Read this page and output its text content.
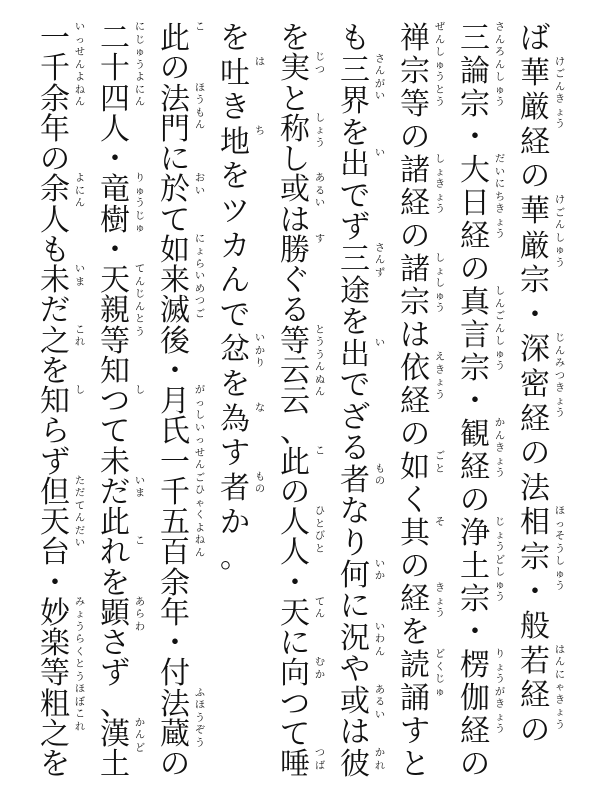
ば
華
厳
経
の
華
厳
宗
・
深
密
経
の
法
相
宗
・
般
若
経
の
け
ご
ん
き
ょ
う
け
ご
ん
し
ゅ
う
じ
ん
み
つ
き
ょ
う
ほ
っ
そ
う
し
ゅ
う
は
ん
に
ゃ
き
ょ
う
三
論
宗
・
大
日
経
の
真
言
宗
・
観
経
の
浄
土
宗
・
楞
伽
経
の
さ
ん
ろ
ん
し
ゅ
う
だ
い
に
ち
き
ょ
う
し
ん
ご
ん
し
ゅ
う
か
ん
き
ょ
う
じ
ょ
う
ど
し
ゅ
う
り
ょ
う
が
き
ょ
う
禅
宗
等
の
諸
経
の
諸
宗
は
依
経
の
如
く
其
の
経
を
読
誦
す
と
ぜ
ん
し
ゅ
う
と
う
し
ょ
き
ょ
う
し
ょ
し
ゅ
う
え
き
ょ
う
ご
と
そ
き
ょ
う
ど
く
じ
ゅ
も
三
界
を
出
で
ず
三
途
を
出
で
ざ
る
者
な
り
何
に
況
や
或
は
彼
さ
ん
が
い
い
さ
ん
ず
い
も
の
い
か
い
わ
ん
あ
る
い
か
れ
を
実
と
称
し
或
は
勝
ぐ
る
等
云
云
、
此
の
人
人
・
天
に
向
つ
て
唾
じ
つ
し
ょ
う
あ
る
い
す
と
う
う
ん
ぬ
ん
こ
ひ
と
び
と
て
ん
む
か
つ
ば
を
吐
き
地
を
ツ
カ
ん
で
忿
を
為
す
者
か
。
は
ち
い
か
り
な
も
の
此
の
法
門
に
於
て
如
来
滅
後
・
月
氏
一
千
五
百
余
年
・
付
法
蔵
の
こ
ほ
う
も
ん
お
い
に
ょ
ら
い
め
つ
ご
が
っ
し
い
っ
せ
ん
ご
ひ
ゃ
く
よ
ね
ん
ふ
ほ
う
ぞ
う
二
十
四
人
・
竜
樹
・
天
親
等
知
つ
て
未
だ
此
れ
を
顕
さ
ず
、
漢
土
に
じ
ゅ
う
よ
に
ん
り
ゅ
う
じ
ゅ
て
ん
じ
ん
と
う
し
い
ま
こ
あ
ら
わ
か
ん
ど
一
千
余
年
の
余
人
も
未
だ
之
を
知
ら
ず
但
天
台
・
妙
楽
等
粗
之
を
い
っ
せ
ん
よ
ね
ん
よ
に
ん
い
ま
こ
れ
し
た
だ
て
ん
だ
い
み
ょ
う
ら
く
と
う
ほ
ぼ
こ
れ
